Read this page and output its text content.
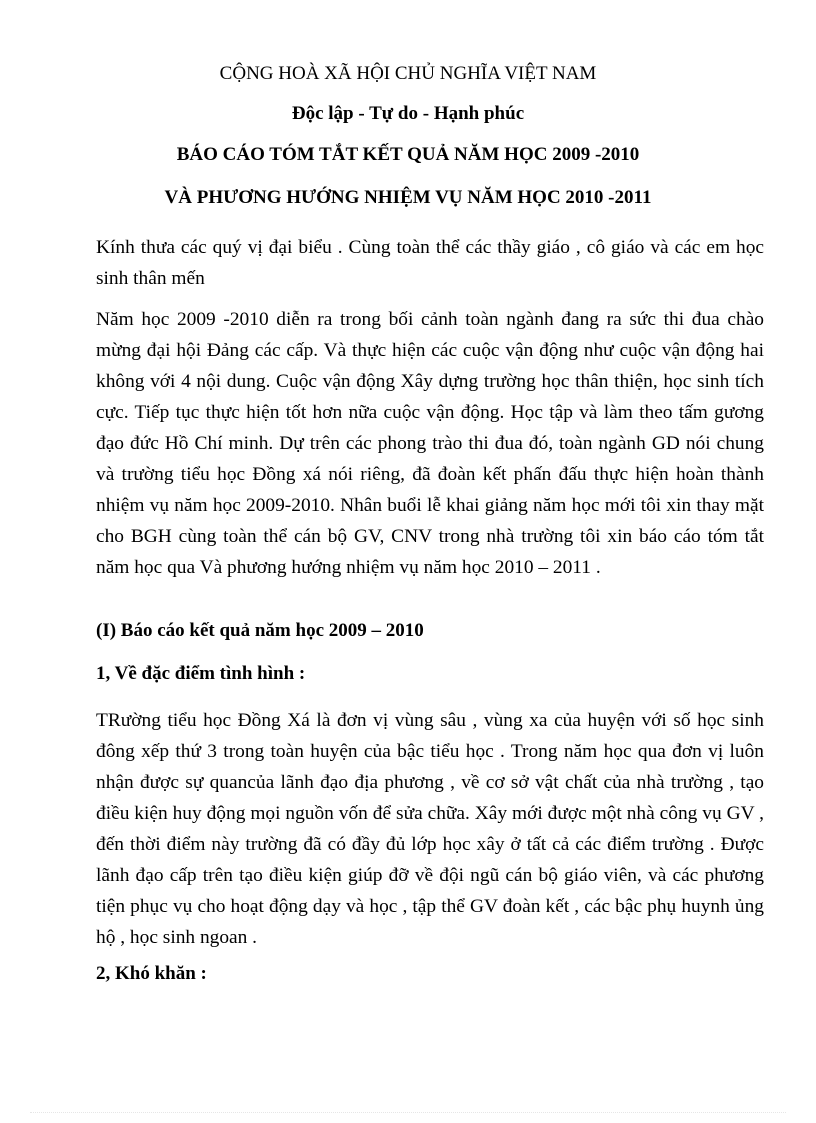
CỘNG HOÀ XÃ HỘI CHỦ NGHĨA VIỆT NAM
Độc lập - Tự do - Hạnh phúc
BÁO CÁO TÓM TẮT KẾT QUẢ NĂM HỌC 2009 -2010
VÀ PHƯƠNG HƯỚNG NHIỆM VỤ NĂM HỌC 2010 -2011

Kính thưa các quý vị đại biểu . Cùng toàn thể các thầy giáo , cô giáo và các em học sinh thân mến

Năm học 2009 -2010 diễn ra trong bối cảnh toàn ngành đang ra sức thi đua chào mừng đại hội Đảng các cấp. Và thực hiện các cuộc vận động như cuộc vận động hai không với 4 nội dung. Cuộc vận động Xây dựng trường học thân thiện, học sinh tích cực. Tiếp tục thực hiện tốt hơn nữa cuộc vận động. Học tập và làm theo tấm gương đạo đức Hồ Chí minh. Dự trên các phong trào thi đua đó, toàn ngành GD nói chung và trường tiểu học Đồng xá nói riêng, đã đoàn kết phấn đấu thực hiện hoàn thành nhiệm vụ năm học 2009-2010. Nhân buổi lễ khai giảng năm học mới tôi xin thay mặt cho BGH cùng toàn thể cán bộ GV, CNV trong nhà trường tôi xin báo cáo tóm tắt năm học qua Và phương hướng nhiệm vụ năm học 2010 – 2011 .

(I) Báo cáo kết quả năm học 2009 – 2010
1, Về đặc điểm tình hình :

TRường tiểu học Đồng Xá là đơn vị vùng sâu , vùng xa của huyện với số học sinh đông xếp thứ 3 trong toàn huyện của bậc tiểu học . Trong năm học qua đơn vị luôn nhận được sự quancủa lãnh đạo địa phương , về cơ sở vật chất của nhà trường , tạo điều kiện huy động mọi nguồn vốn để sửa chữa. Xây mới được một nhà công vụ GV , đến thời điểm này trường đã có đầy đủ lớp học xây ở tất cả các điểm trường . Được lãnh đạo cấp trên tạo điều kiện giúp đỡ về đội ngũ cán bộ giáo viên, và các phương tiện phục vụ cho hoạt động dạy và học , tập thể GV đoàn kết , các bậc phụ huynh ủng hộ , học sinh ngoan .

2, Khó khăn :
